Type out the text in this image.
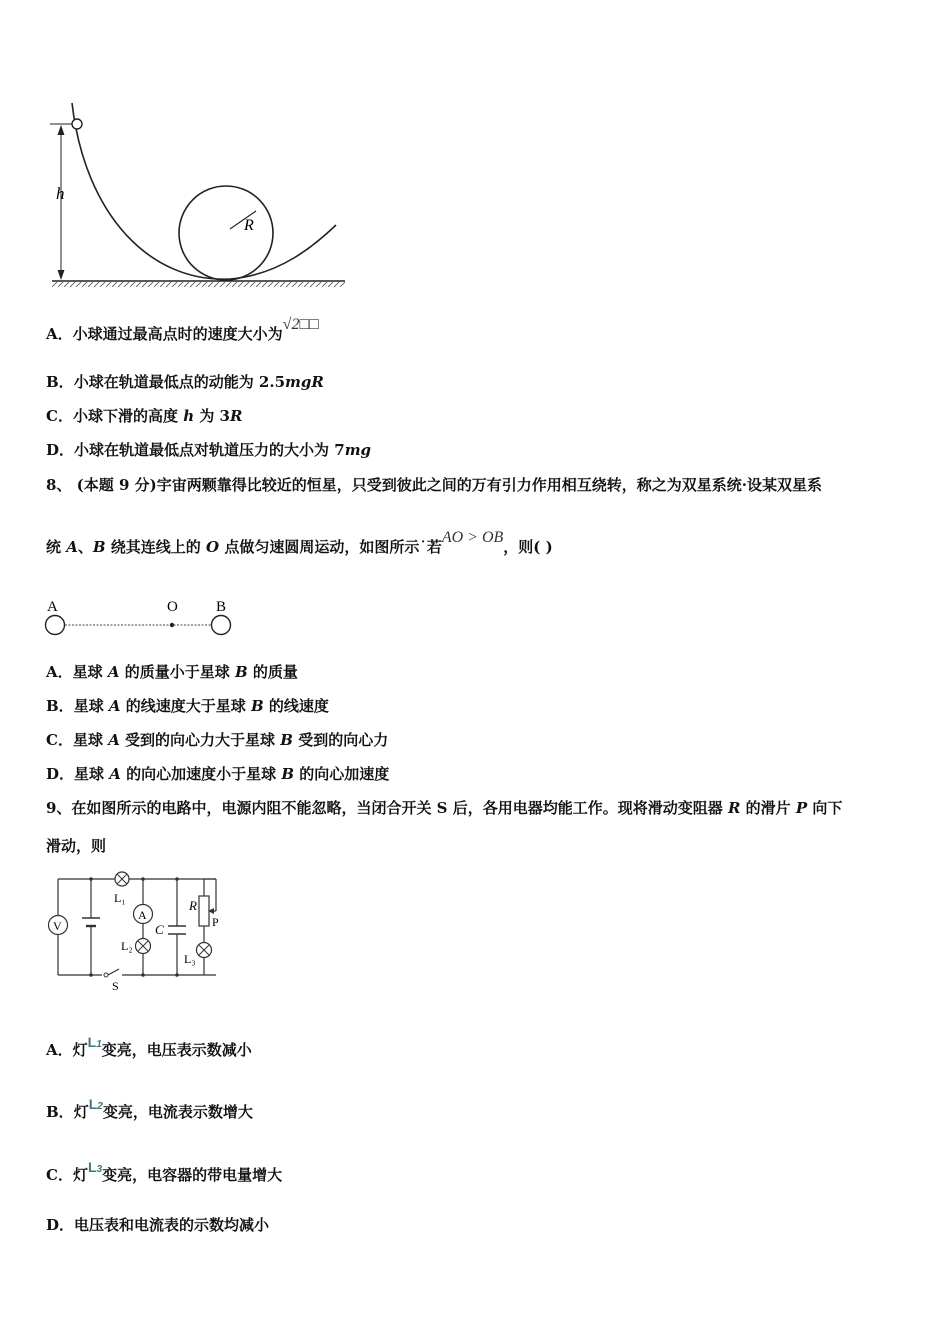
h
R
A．小球通过最高点时的速度大小为√2□□
B．小球在轨道最低点的动能为 2.5mgR
C．小球下滑的高度 h 为 3R
D．小球在轨道最低点对轨道压力的大小为 7mg
8、 (本题 9 分)宇宙两颗靠得比较近的恒星，只受到彼此之间的万有引力作用相互绕转，称之为双星系统·设某双星系
统 A、B 绕其连线上的 O 点做匀速圆周运动，如图所示˙若AO > OB，则( )
A	O	B
A．星球 A 的质量小于星球 B 的质量
B．星球 A 的线速度大于星球 B 的线速度
C．星球 A 受到的向心力大于星球 B 受到的向心力
D．星球 A 的向心加速度小于星球 B 的向心加速度
9、在如图所示的电路中，电源内阻不能忽略，当闭合开关 S 后，各用电器均能工作。现将滑动变阻器 R 的滑片 P 向下
滑动，则
V
L₁
A
L₂
C
R
P
L₃
S
A．灯L1变亮，电压表示数减小
B．灯L2变亮，电流表示数增大
C．灯L3变亮，电容器的带电量增大
D．电压表和电流表的示数均减小
